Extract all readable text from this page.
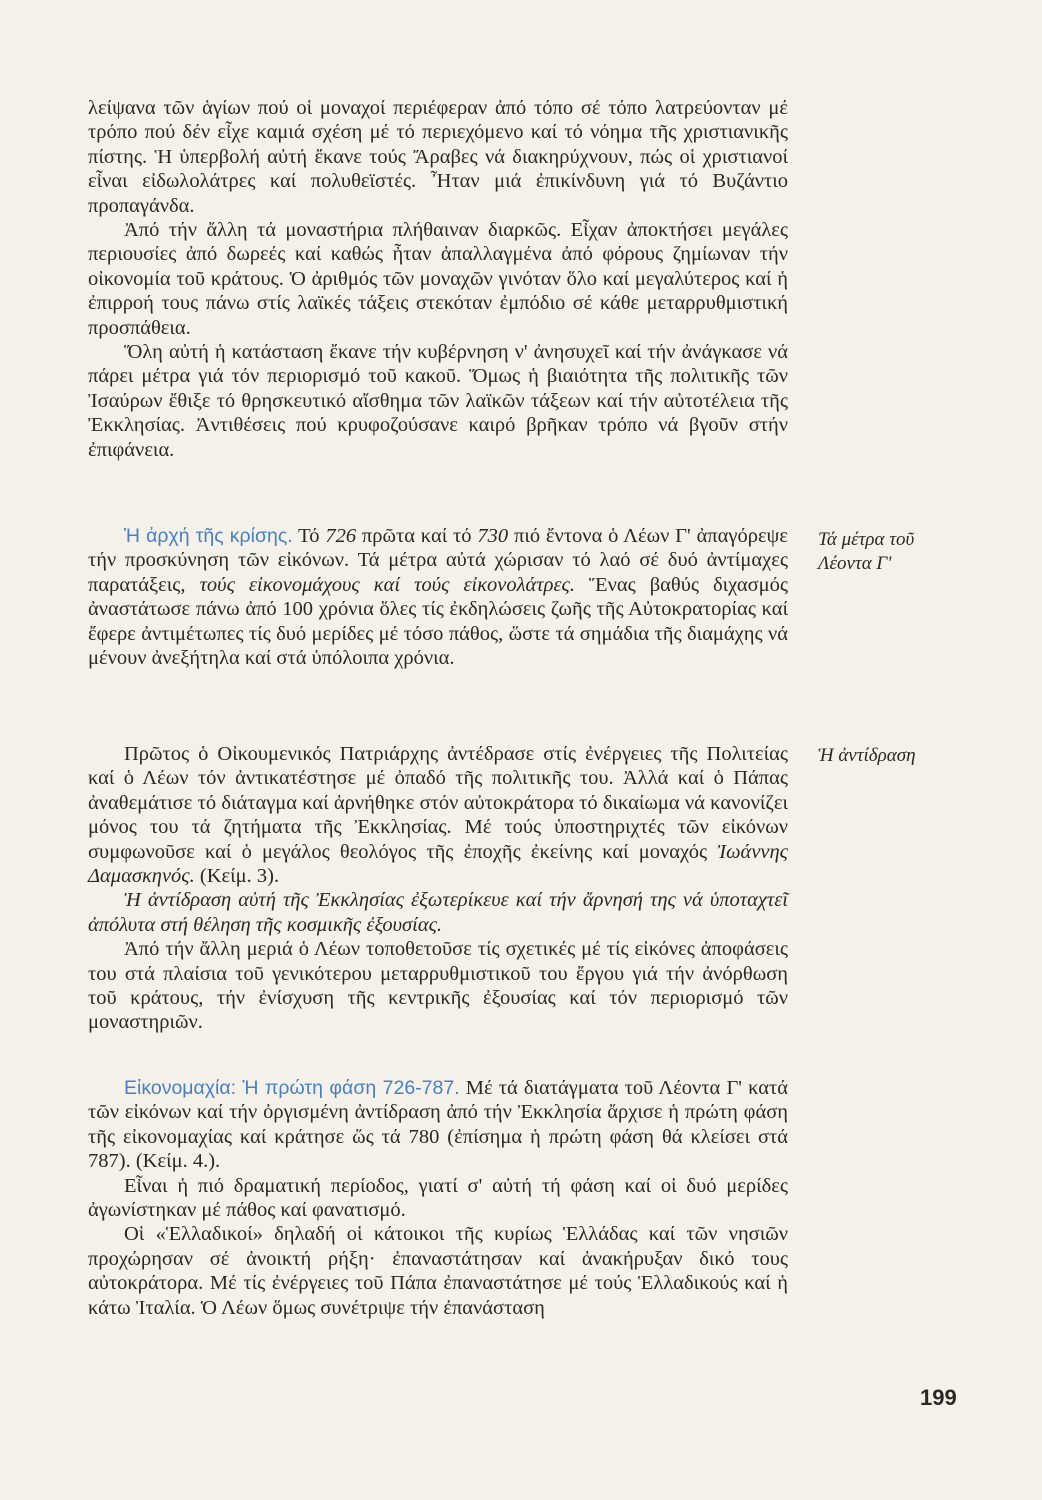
λείψανα τῶν ἁγίων πού οἱ μοναχοί περιέφεραν ἀπό τόπο σέ τόπο λατρεύονταν μέ τρόπο πού δέν εἶχε καμιά σχέση μέ τό περιεχόμενο καί τό νόημα τῆς χριστιανικῆς πίστης. Ἡ ὑπερβολή αὐτή ἔκανε τούς Ἄραβες νά διακηρύχνουν, πώς οἱ χριστιανοί εἶναι εἰδωλολάτρες καί πολυθεϊστές. Ἦταν μιά ἐπικίνδυνη γιά τό Βυζάντιο προπαγάνδα.

Ἀπό τήν ἄλλη τά μοναστήρια πλήθαιναν διαρκῶς. Εἶχαν ἀποκτήσει μεγάλες περιουσίες ἀπό δωρεές καί καθώς ἦταν ἀπαλλαγμένα ἀπό φόρους ζημίωναν τήν οἰκονομία τοῦ κράτους. Ὁ ἀριθμός τῶν μοναχῶν γινόταν ὅλο καί μεγαλύτερος καί ἡ ἐπιρροή τους πάνω στίς λαϊκές τάξεις στεκόταν ἐμπόδιο σέ κάθε μεταρρυθμιστική προσπάθεια.

Ὅλη αὐτή ἡ κατάσταση ἔκανε τήν κυβέρνηση ν' ἀνησυχεῖ καί τήν ἀνάγκασε νά πάρει μέτρα γιά τόν περιορισμό τοῦ κακοῦ. Ὅμως ἡ βιαιότητα τῆς πολιτικῆς τῶν Ἰσαύρων ἔθιξε τό θρησκευτικό αἴσθημα τῶν λαϊκῶν τάξεων καί τήν αὐτοτέλεια τῆς Ἐκκλησίας. Ἀντιθέσεις πού κρυφοζούσανε καιρό βρῆκαν τρόπο νά βγοῦν στήν ἐπιφάνεια.

Ἡ ἀρχή τῆς κρίσης. Τό 726 πρῶτα καί τό 730 πιό ἔντονα ὁ Λέων Γ' ἀπαγόρεψε τήν προσκύνηση τῶν εἰκόνων. Τά μέτρα αὐτά χώρισαν τό λαό σέ δυό ἀντίμαχες παρατάξεις, τούς εἰκονομάχους καί τούς εἰκονολάτρες. Ἕνας βαθύς διχασμός ἀναστάτωσε πάνω ἀπό 100 χρόνια ὅλες τίς ἐκδηλώσεις ζωῆς τῆς Αὐτοκρατορίας καί ἔφερε ἀντιμέτωπες τίς δυό μερίδες μέ τόσο πάθος, ὥστε τά σημάδια τῆς διαμάχης νά μένουν ἀνεξήτηλα καί στά ὑπόλοιπα χρόνια.

Τά μέτρα τοῦ
Λέοντα Γ'

Πρῶτος ὁ Οἰκουμενικός Πατριάρχης ἀντέδρασε στίς ἐνέργειες τῆς Πολιτείας καί ὁ Λέων τόν ἀντικατέστησε μέ ὀπαδό τῆς πολιτικῆς του. Ἀλλά καί ὁ Πάπας ἀναθεμάτισε τό διάταγμα καί ἀρνήθηκε στόν αὐτοκράτορα τό δικαίωμα νά κανονίζει μόνος του τά ζητήματα τῆς Ἐκκλησίας. Μέ τούς ὑποστηριχτές τῶν εἰκόνων συμφωνοῦσε καί ὁ μεγάλος θεολόγος τῆς ἐποχῆς ἐκείνης καί μοναχός Ἰωάννης Δαμασκηνός. (Κείμ. 3).

Ἡ ἀντίδραση αὐτή τῆς Ἐκκλησίας ἐξωτερίκευε καί τήν ἄρνησή της νά ὑποταχτεῖ ἀπόλυτα στή θέληση τῆς κοσμικῆς ἐξουσίας.

Ἀπό τήν ἄλλη μεριά ὁ Λέων τοποθετοῦσε τίς σχετικές μέ τίς εἰκόνες ἀποφάσεις του στά πλαίσια τοῦ γενικότερου μεταρρυθμιστικοῦ του ἔργου γιά τήν ἀνόρθωση τοῦ κράτους, τήν ἐνίσχυση τῆς κεντρικῆς ἐξουσίας καί τόν περιορισμό τῶν μοναστηριῶν.

Ἡ ἀντίδραση

Εἰκονομαχία: Ἡ πρώτη φάση 726-787. Μέ τά διατάγματα τοῦ Λέοντα Γ' κατά τῶν εἰκόνων καί τήν ὀργισμένη ἀντίδραση ἀπό τήν Ἐκκλησία ἄρχισε ἡ πρώτη φάση τῆς εἰκονομαχίας καί κράτησε ὥς τά 780 (ἐπίσημα ἡ πρώτη φάση θά κλείσει στά 787). (Κείμ. 4.).

Εἶναι ἡ πιό δραματική περίοδος, γιατί σ' αὐτή τή φάση καί οἱ δυό μερίδες ἀγωνίστηκαν μέ πάθος καί φανατισμό.

Οἱ «Ἑλλαδικοί» δηλαδή οἱ κάτοικοι τῆς κυρίως Ἑλλάδας καί τῶν νησιῶν προχώρησαν σέ ἀνοικτή ρήξη· ἐπαναστάτησαν καί ἀνακήρυξαν δικό τους αὐτοκράτορα. Μέ τίς ἐνέργειες τοῦ Πάπα ἐπαναστάτησε μέ τούς Ἑλλαδικούς καί ἡ κάτω Ἰταλία. Ὁ Λέων ὅμως συνέτριψε τήν ἐπανάσταση

199
